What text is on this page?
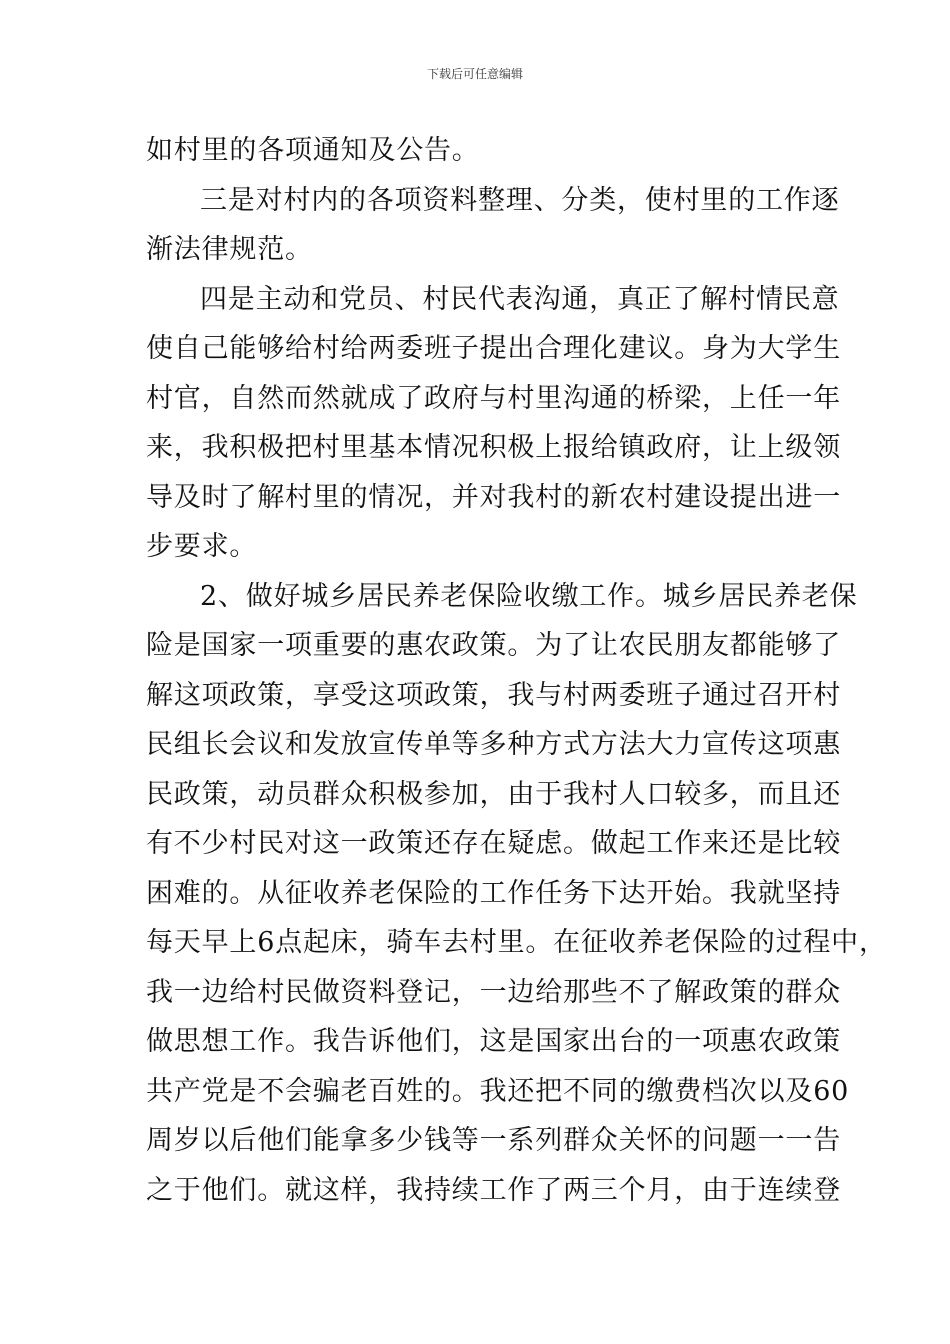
下载后可任意编辑
如村里的各项通知及公告。
三是对村内的各项资料整理、分类，使村里的工作逐
渐法律规范。
四是主动和党员、村民代表沟通，真正了解村情民意
使自己能够给村给两委班子提出合理化建议。身为大学生
村官，自然而然就成了政府与村里沟通的桥梁，上任一年
来，我积极把村里基本情况积极上报给镇政府，让上级领
导及时了解村里的情况，并对我村的新农村建设提出进一
步要求。
2、做好城乡居民养老保险收缴工作。城乡居民养老保
险是国家一项重要的惠农政策。为了让农民朋友都能够了
解这项政策，享受这项政策，我与村两委班子通过召开村
民组长会议和发放宣传单等多种方式方法大力宣传这项惠
民政策，动员群众积极参加，由于我村人口较多，而且还
有不少村民对这一政策还存在疑虑。做起工作来还是比较
困难的。从征收养老保险的工作任务下达开始。我就坚持
每天早上6点起床，骑车去村里。在征收养老保险的过程中，
我一边给村民做资料登记，一边给那些不了解政策的群众
做思想工作。我告诉他们，这是国家出台的一项惠农政策
共产党是不会骗老百姓的。我还把不同的缴费档次以及60
周岁以后他们能拿多少钱等一系列群众关怀的问题一一告
之于他们。就这样，我持续工作了两三个月，由于连续登
